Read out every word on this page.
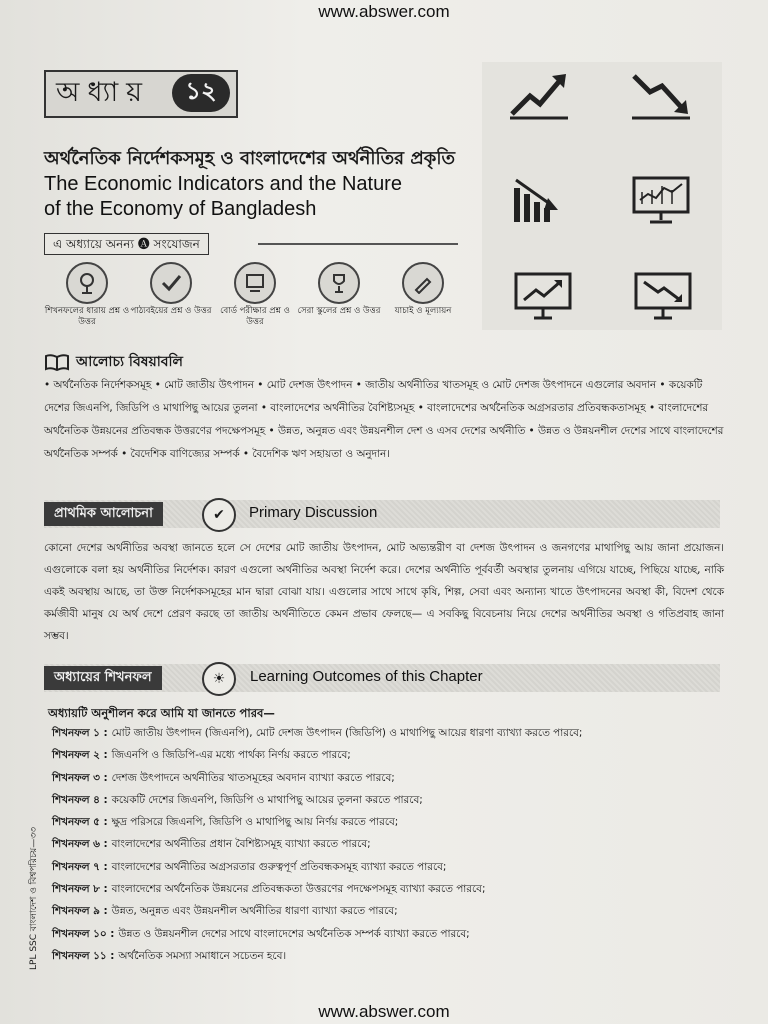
www.abswer.com
অধ্যায়	১২
অর্থনৈতিক নির্দেশকসমূহ ও বাংলাদেশের অর্থনীতির প্রকৃতি
The Economic Indicators and the Nature
of the Economy of Bangladesh
এ অধ্যায়ে অনন্য 🅐 সংযোজন
শিখনফলের ধারায় প্রশ্ন ও উত্তর
পাঠ্যবইয়ের প্রশ্ন ও উত্তর	বোর্ড পরীক্ষার প্রশ্ন ও উত্তর
সেরা স্কুলের প্রশ্ন ও উত্তর	যাচাই ও মূল্যায়ন
আলোচ্য বিষয়াবলি
• অর্থনৈতিক নির্দেশকসমূহ • মোট জাতীয় উৎপাদন • মোট দেশজ উৎপাদন • জাতীয় অর্থনীতির খাতসমূহ ও মোট দেশজ উৎপাদনে এগুলোর অবদান • কয়েকটি দেশের জিএনপি, জিডিপি ও মাথাপিছু আয়ের তুলনা • বাংলাদেশের অর্থনীতির বৈশিষ্ট্যসমূহ • বাংলাদেশের অর্থনৈতিক অগ্রসরতার প্রতিবন্ধকতাসমূহ • বাংলাদেশের অর্থনৈতিক উন্নয়নের প্রতিবন্ধক উত্তরণের পদক্ষেপসমূহ • উন্নত, অনুন্নত এবং উন্নয়নশীল দেশ ও এসব দেশের অর্থনীতি • উন্নত ও উন্নয়নশীল দেশের সাথে বাংলাদেশের অর্থনৈতিক সম্পর্ক • বৈদেশিক বাণিজ্যের সম্পর্ক • বৈদেশিক ঋণ সহায়তা ও অনুদান।
প্রাথমিক আলোচনা	✔	Primary Discussion
কোনো দেশের অর্থনীতির অবস্থা জানতে হলে সে দেশের মোট জাতীয় উৎপাদন, মোট অভ্যন্তরীণ বা দেশজ উৎপাদন ও জনগণের মাথাপিছু আয় জানা প্রয়োজন। এগুলোকে বলা হয় অর্থনীতির নির্দেশক। কারণ এগুলো অর্থনীতির অবস্থা নির্দেশ করে। দেশের অর্থনীতি পূর্ববর্তী অবস্থার তুলনায় এগিয়ে যাচ্ছে, পিছিয়ে যাচ্ছে, নাকি একই অবস্থায় আছে, তা উক্ত নির্দেশকসমূহের মান দ্বারা বোঝা যায়। এগুলোর সাথে সাথে কৃষি, শিল্প, সেবা এবং অন্যান্য খাতে উৎপাদনের অবস্থা কী, বিদেশ থেকে কর্মজীবী মানুষ যে অর্থ দেশে প্রেরণ করছে তা জাতীয় অর্থনীতিতে কেমন প্রভাব ফেলছে— এ সবকিছু বিবেচনায় নিয়ে দেশের অর্থনীতির অবস্থা ও গতিপ্রবাহ জানা সম্ভব।
অধ্যায়ের শিখনফল	☀	Learning Outcomes of this Chapter
অধ্যায়টি অনুশীলন করে আমি যা জানতে পারব—
শিখনফল ১ : মোট জাতীয় উৎপাদন (জিএনপি), মোট দেশজ উৎপাদন (জিডিপি) ও মাথাপিছু আয়ের ধারণা ব্যাখ্যা করতে পারবে;
শিখনফল ২ : জিএনপি ও জিডিপি-এর মধ্যে পার্থক্য নির্ণয় করতে পারবে;
শিখনফল ৩ : দেশজ উৎপাদনে অর্থনীতির খাতসমূহের অবদান ব্যাখ্যা করতে পারবে;
শিখনফল ৪ : কয়েকটি দেশের জিএনপি, জিডিপি ও মাথাপিছু আয়ের তুলনা করতে পারবে;
শিখনফল ৫ : ক্ষুদ্র পরিসরে জিএনপি, জিডিপি ও মাথাপিছু আয় নির্ণয় করতে পারবে;
শিখনফল ৬ : বাংলাদেশের অর্থনীতির প্রধান বৈশিষ্ট্যসমূহ ব্যাখ্যা করতে পারবে;
শিখনফল ৭ : বাংলাদেশের অর্থনীতির অগ্রসরতার গুরুত্বপূর্ণ প্রতিবন্ধকসমূহ ব্যাখ্যা করতে পারবে;
শিখনফল ৮ : বাংলাদেশের অর্থনৈতিক উন্নয়নের প্রতিবন্ধকতা উত্তরণের পদক্ষেপসমূহ ব্যাখ্যা করতে পারবে;
শিখনফল ৯ : উন্নত, অনুন্নত এবং উন্নয়নশীল অর্থনীতির ধারণা ব্যাখ্যা করতে পারবে;
শিখনফল ১০ : উন্নত ও উন্নয়নশীল দেশের সাথে বাংলাদেশের অর্থনৈতিক সম্পর্ক ব্যাখ্যা করতে পারবে;
শিখনফল ১১ : অর্থনৈতিক সমস্যা সমাধানে সচেতন হবে।
LPL SSC বাংলাদেশ ও বিশ্বপরিচয়—৩৩
www.abswer.com
